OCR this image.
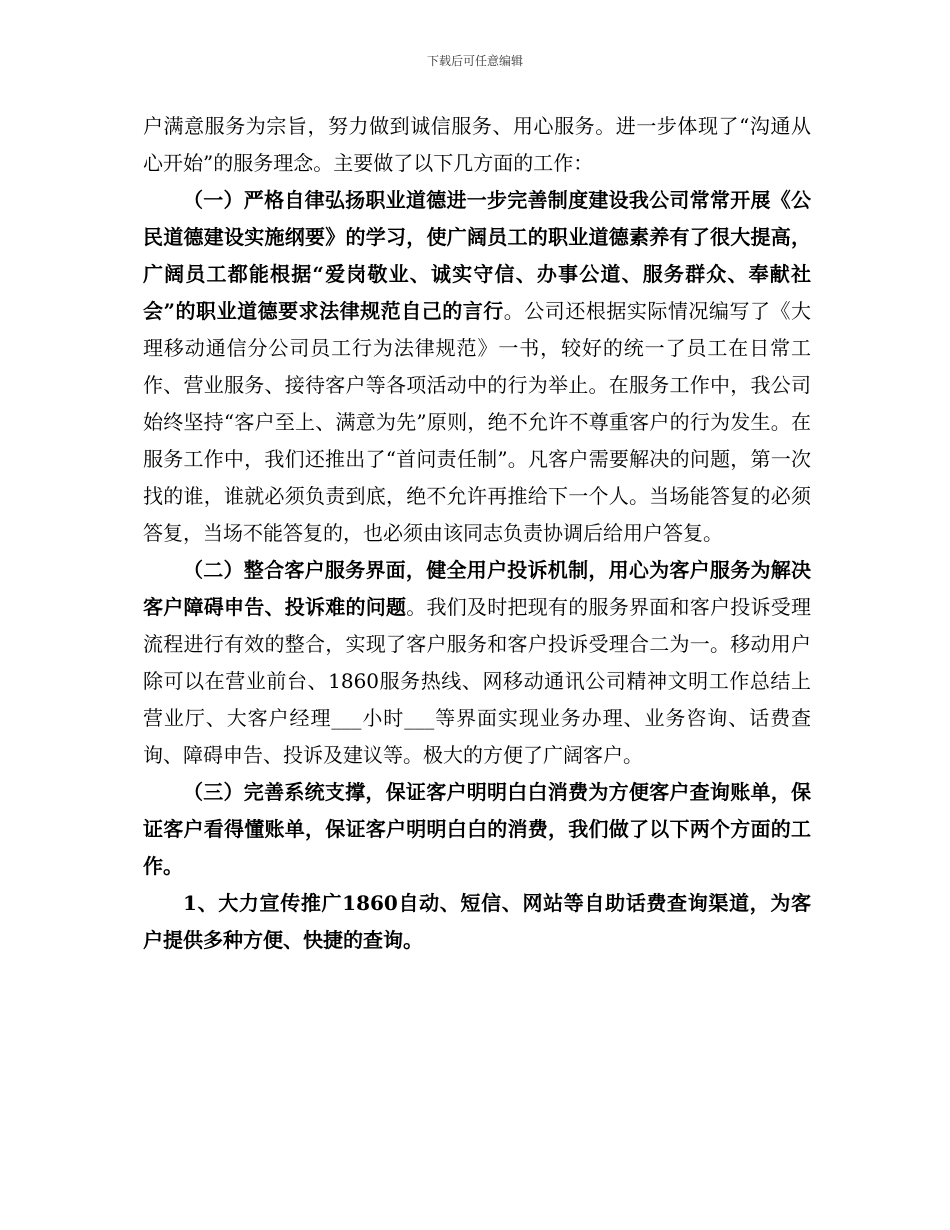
下载后可任意编辑

户满意服务为宗旨，努力做到诚信服务、用心服务。进一步体现了“沟通从心开始”的服务理念。主要做了以下几方面的工作：

（一）严格自律弘扬职业道德进一步完善制度建设我公司常常开展《公民道德建设实施纲要》的学习，使广阔员工的职业道德素养有了很大提高，广阔员工都能根据“爱岗敬业、诚实守信、办事公道、服务群众、奉献社会”的职业道德要求法律规范自己的言行。公司还根据实际情况编写了《大理移动通信分公司员工行为法律规范》一书，较好的统一了员工在日常工作、营业服务、接待客户等各项活动中的行为举止。在服务工作中，我公司始终坚持“客户至上、满意为先”原则，绝不允许不尊重客户的行为发生。在服务工作中，我们还推出了“首问责任制”。凡客户需要解决的问题，第一次找的谁，谁就必须负责到底，绝不允许再推给下一个人。当场能答复的必须答复，当场不能答复的，也必须由该同志负责协调后给用户答复。

（二）整合客户服务界面，健全用户投诉机制，用心为客户服务为解决客户障碍申告、投诉难的问题。我们及时把现有的服务界面和客户投诉受理流程进行有效的整合，实现了客户服务和客户投诉受理合二为一。移动用户除可以在营业前台、1860服务热线、网移动通讯公司精神文明工作总结上营业厅、大客户经理___小时___等界面实现业务办理、业务咨询、话费查询、障碍申告、投诉及建议等。极大的方便了广阔客户。

（三）完善系统支撑，保证客户明明白白消费为方便客户查询账单，保证客户看得懂账单，保证客户明明白白的消费，我们做了以下两个方面的工作。

1、大力宣传推广1860自动、短信、网站等自助话费查询渠道，为客户提供多种方便、快捷的查询。
